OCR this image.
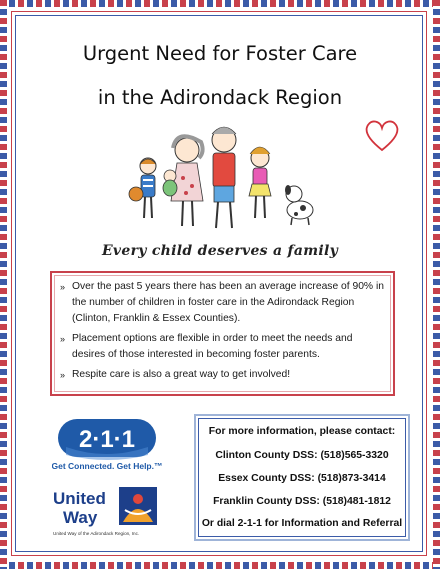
Urgent Need for Foster Care
in the Adirondack Region
Every child deserves a family
» Over the past 5 years there has been an average increase of 90% in the number of children in foster care in the Adirondack Region (Clinton, Franklin & Essex Counties).
» Placement options are flexible in order to meet the needs and desires of those interested in becoming foster parents.
» Respite care is also a great way to get involved!
2·1·1
Get Connected. Get Help.™
United
Way
United Way of the Adirondack Region, Inc.
For more information, please contact:
Clinton County DSS: (518)565-3320
Essex County DSS: (518)873-3414
Franklin County DSS: (518)481-1812
Or dial 2-1-1 for Information and Referral
